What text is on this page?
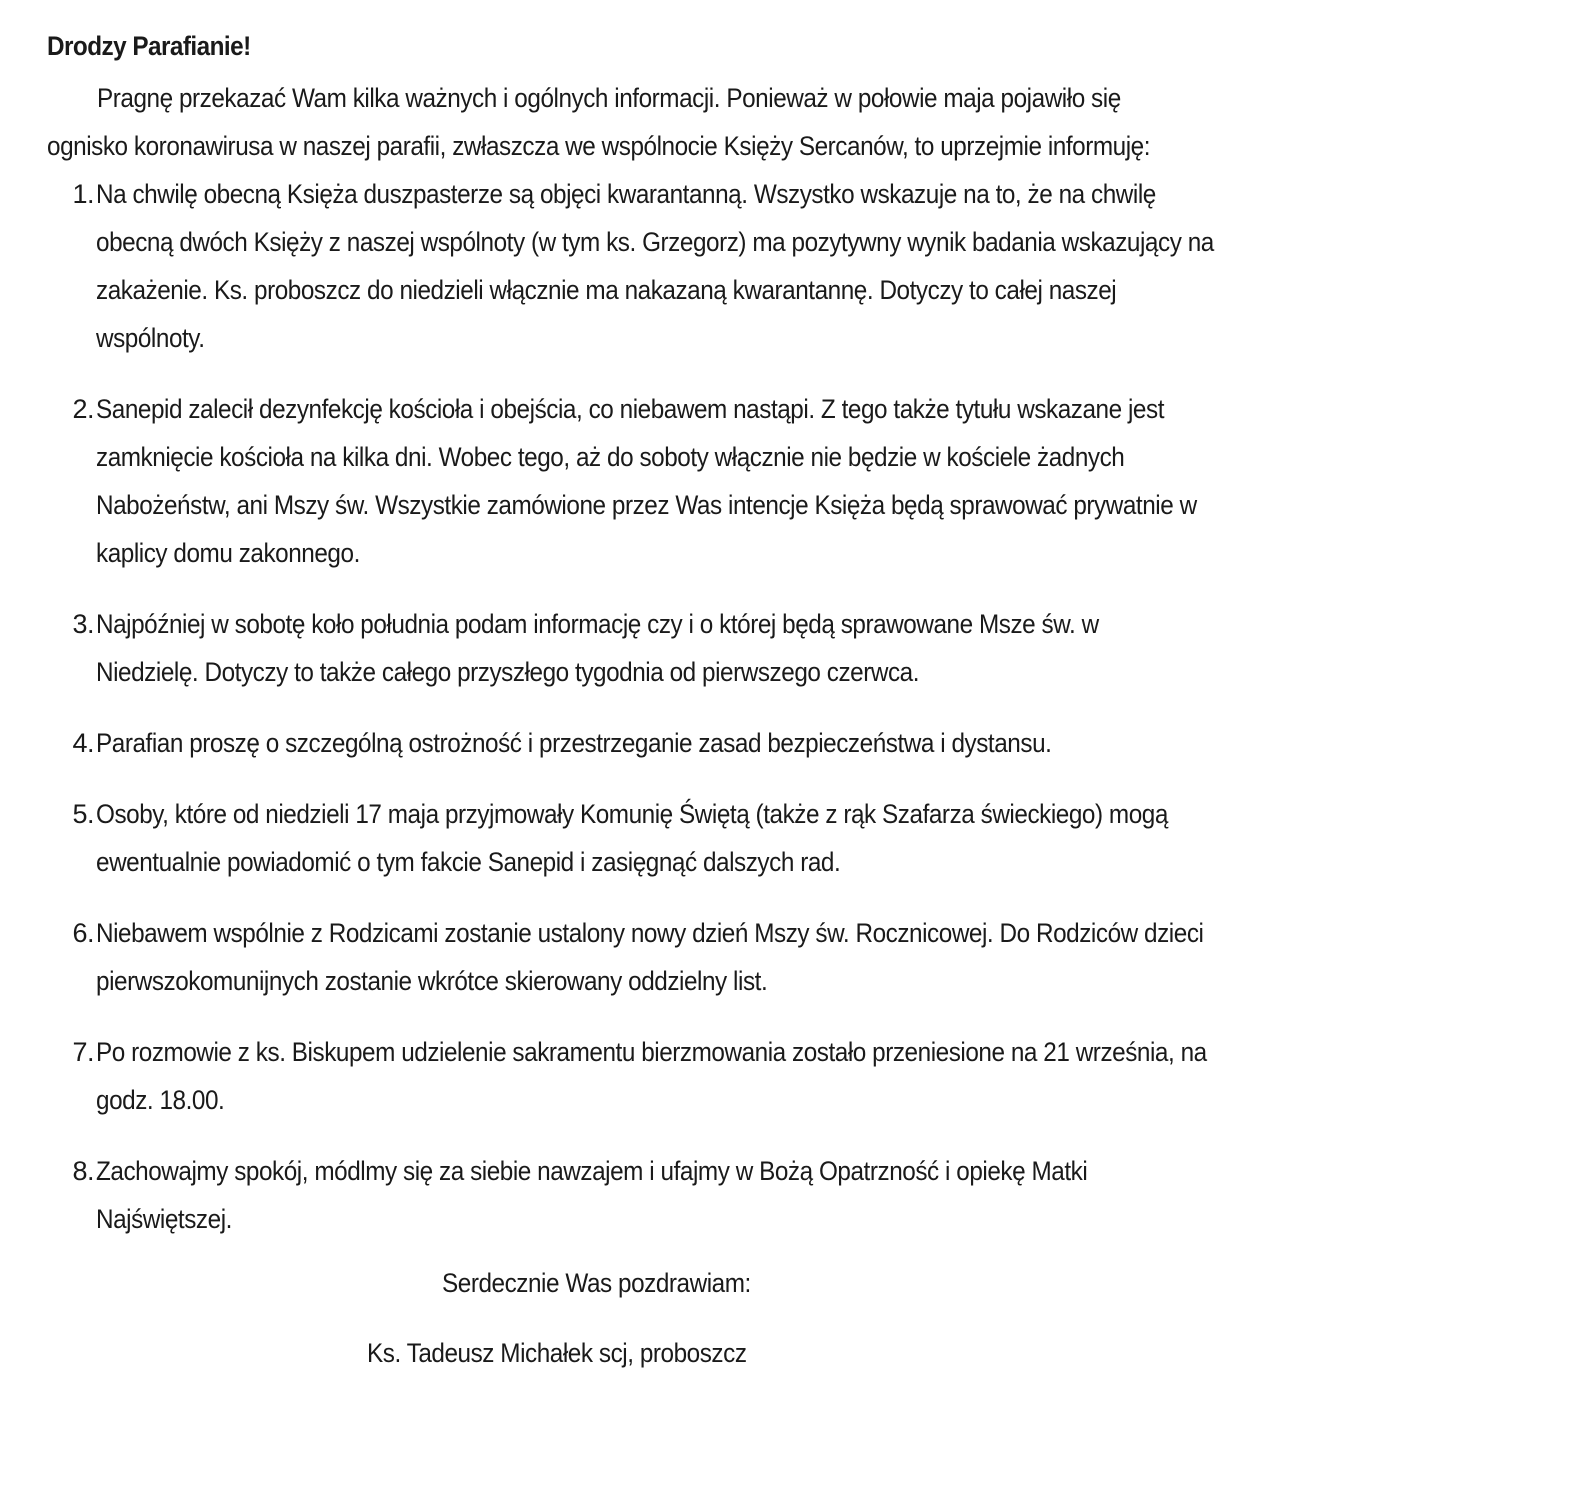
Drodzy Parafianie!
Pragnę przekazać Wam kilka ważnych i ogólnych informacji. Ponieważ w połowie maja pojawiło się
ognisko koronawirusa w naszej parafii, zwłaszcza we wspólnocie Księży Sercanów, to uprzejmie informuję:
1. Na chwilę obecną Księża duszpasterze są objęci kwarantanną. Wszystko wskazuje na to, że na chwilę
obecną dwóch Księży z naszej wspólnoty (w tym ks. Grzegorz) ma pozytywny wynik badania wskazujący na
zakażenie. Ks. proboszcz do niedzieli włącznie ma nakazaną kwarantannę. Dotyczy to całej naszej
wspólnoty.
2. Sanepid zalecił dezynfekcję kościoła i obejścia, co niebawem nastąpi. Z tego także tytułu wskazane jest
zamknięcie kościoła na kilka dni. Wobec tego, aż do soboty włącznie nie będzie w kościele żadnych
Nabożeństw, ani Mszy św. Wszystkie zamówione przez Was intencje Księża będą sprawować prywatnie w
kaplicy domu zakonnego.
3. Najpóźniej w sobotę koło południa podam informację czy i o której będą sprawowane Msze św. w
Niedzielę. Dotyczy to także całego przyszłego tygodnia od pierwszego czerwca.
4. Parafian proszę o szczególną ostrożność i przestrzeganie zasad bezpieczeństwa i dystansu.
5. Osoby, które od niedzieli 17 maja przyjmowały Komunię Świętą (także z rąk Szafarza świeckiego) mogą
ewentualnie powiadomić o tym fakcie Sanepid i zasięgnąć dalszych rad.
6. Niebawem wspólnie z Rodzicami zostanie ustalony nowy dzień Mszy św. Rocznicowej. Do Rodziców dzieci
pierwszokomunijnych zostanie wkrótce skierowany oddzielny list.
7. Po rozmowie z ks. Biskupem udzielenie sakramentu bierzmowania zostało przeniesione na 21 września, na
godz. 18.00.
8. Zachowajmy spokój, módlmy się za siebie nawzajem i ufajmy w Bożą Opatrzność i opiekę Matki
Najświętszej.
Serdecznie Was pozdrawiam:
Ks. Tadeusz Michałek scj, proboszcz
